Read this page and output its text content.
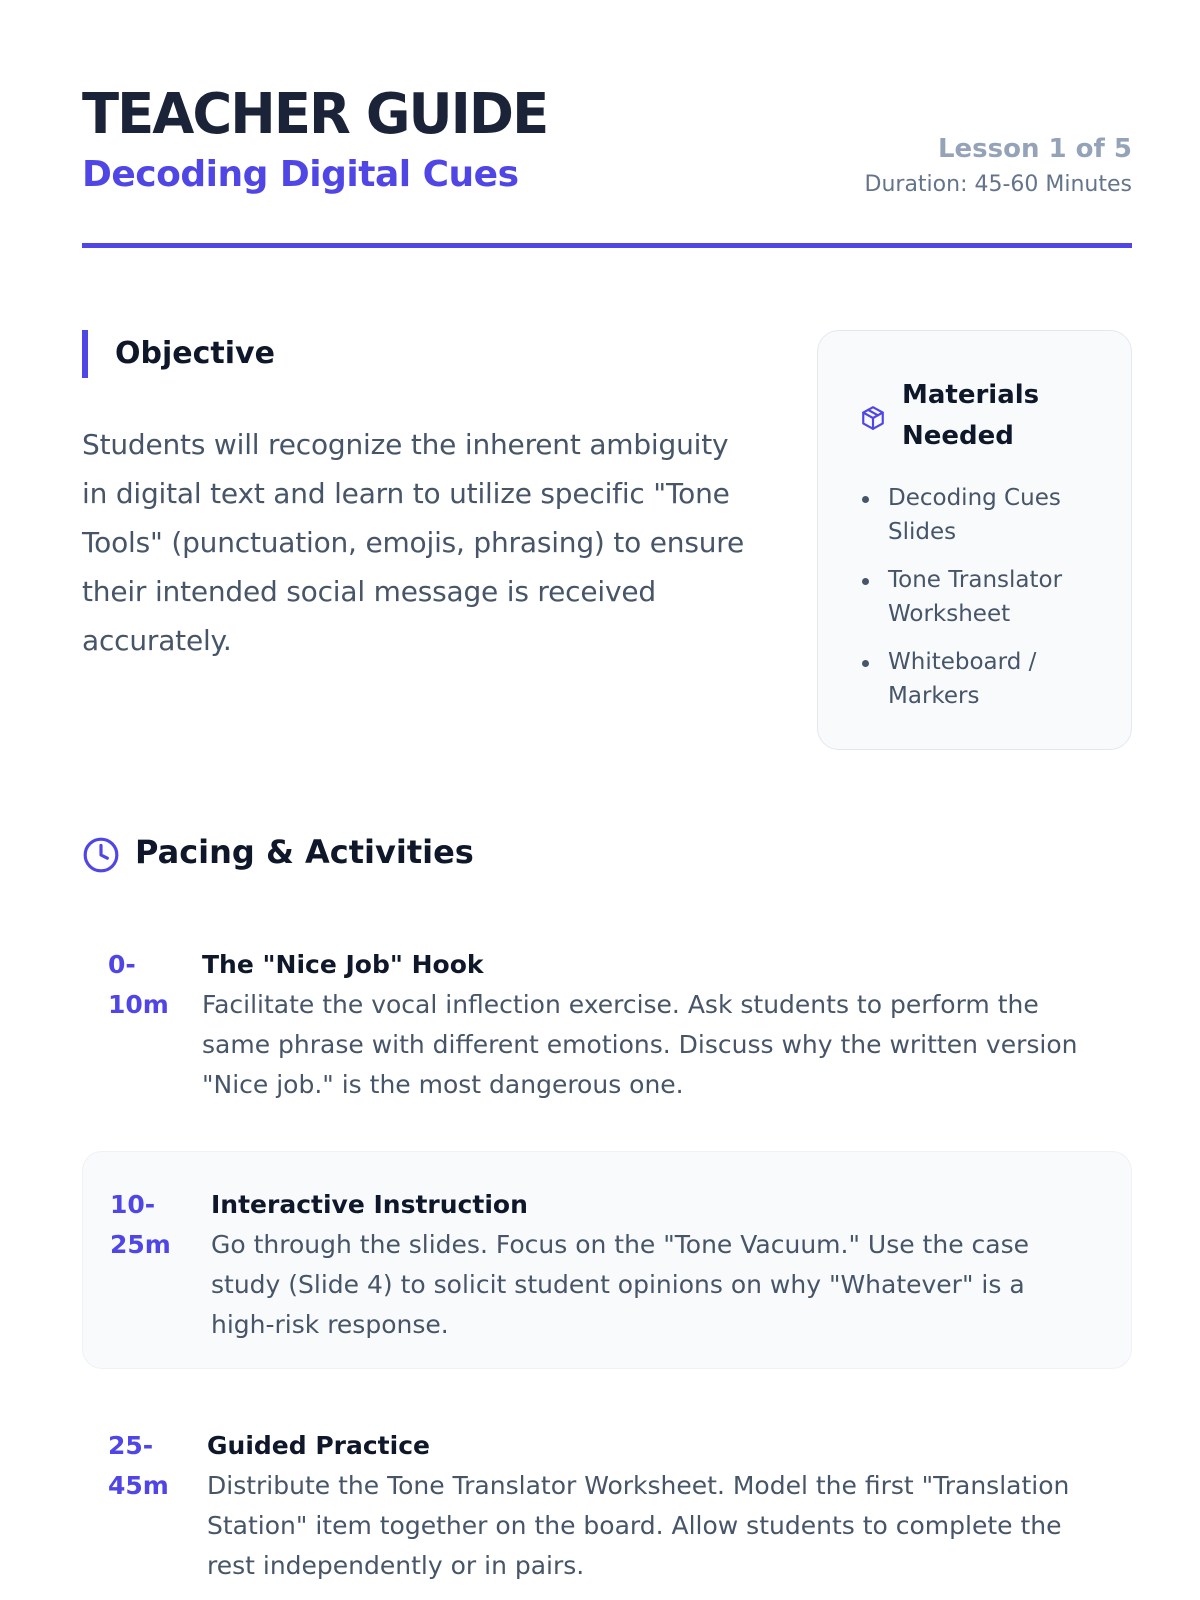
TEACHER GUIDE
Decoding Digital Cues
Lesson 1 of 5
Duration: 45-60 Minutes
Objective

Students will recognize the inherent ambiguity in digital text and learn to utilize specific "Tone Tools" (punctuation, emojis, phrasing) to ensure their intended social message is received accurately.

Materials Needed
Decoding Cues Slides
Tone Translator Worksheet
Whiteboard / Markers
Pacing & Activities
0-10m
The "Nice Job" Hook
Facilitate the vocal inflection exercise. Ask students to perform the same phrase with different emotions. Discuss why the written version "Nice job." is the most dangerous one.
10-25m
Interactive Instruction
Go through the slides. Focus on the "Tone Vacuum." Use the case study (Slide 4) to solicit student opinions on why "Whatever" is a high-risk response.
25-45m
Guided Practice
Distribute the Tone Translator Worksheet. Model the first "Translation Station" item together on the board. Allow students to complete the rest independently or in pairs.
